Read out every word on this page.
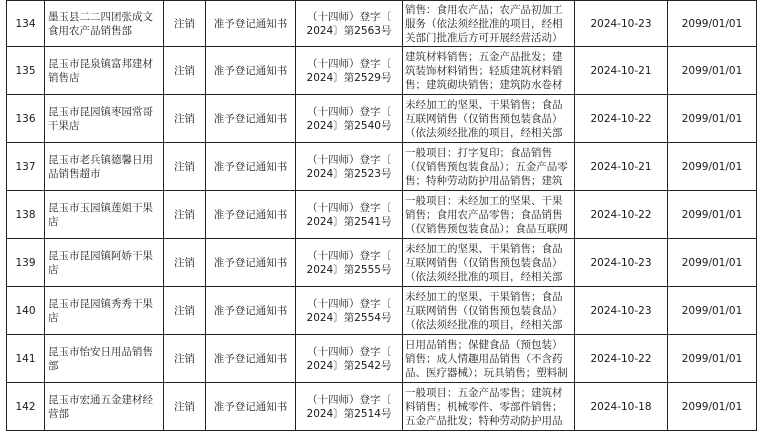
134	墨玉县二二四团张成文食用农产品销售部	注销	准予登记通知书	（十四师）登字〔
2024〕第2563号	销售：食用农产品；农产品初加工服务（依法须经批准的项目，经相关部门批准后方可开展经营活动）	2024-10-23	2099/01/01
135	昆玉市昆泉镇富邦建材销售店	注销	准予登记通知书	（十四师）登字〔
2024〕第2529号	建筑材料销售；五金产品批发；建筑装饰材料销售；轻质建筑材料销售；建筑砌块销售；建筑防水卷材	2024-10-21	2099/01/01
136	昆玉市昆园镇枣园常哥干果店	注销	准予登记通知书	（十四师）登字〔
2024〕第2540号	未经加工的坚果、干果销售；食品互联网销售（仅销售预包装食品）（依法须经批准的项目，经相关部	2024-10-22	2099/01/01
137	昆玉市老兵镇德馨日用品销售超市	注销	准予登记通知书	（十四师）登字〔
2024〕第2523号	一般项目：打字复印；食品销售（仅销售预包装食品）；五金产品零售；特种劳动防护用品销售；建筑	2024-10-21	2099/01/01
138	昆玉市玉园镇莲姐干果店	注销	准予登记通知书	（十四师）登字〔
2024〕第2541号	一般项目：未经加工的坚果、干果销售；食用农产品零售；食品销售（仅销售预包装食品）；食品互联网	2024-10-22	2099/01/01
139	昆玉市昆园镇阿娇干果店	注销	准予登记通知书	（十四师）登字〔
2024〕第2555号	未经加工的坚果、干果销售；食品互联网销售（仅销售预包装食品）（依法须经批准的项目，经相关部	2024-10-23	2099/01/01
140	昆玉市昆园镇秀秀干果店	注销	准予登记通知书	（十四师）登字〔
2024〕第2554号	未经加工的坚果、干果销售；食品互联网销售（仅销售预包装食品）（依法须经批准的项目，经相关部	2024-10-23	2099/01/01
141	昆玉市怡安日用品销售部	注销	准予登记通知书	（十四师）登字〔
2024〕第2542号	日用品销售；保健食品（预包装）销售；成人情趣用品销售（不含药品、医疗器械）；玩具销售；塑料制	2024-10-22	2099/01/01
142	昆玉市宏通五金建材经营部	注销	准予登记通知书	（十四师）登字〔
2024〕第2514号	一般项目：五金产品零售；建筑材料销售；机械零件、零部件销售；五金产品批发；特种劳动防护用品	2024-10-18	2099/01/01
